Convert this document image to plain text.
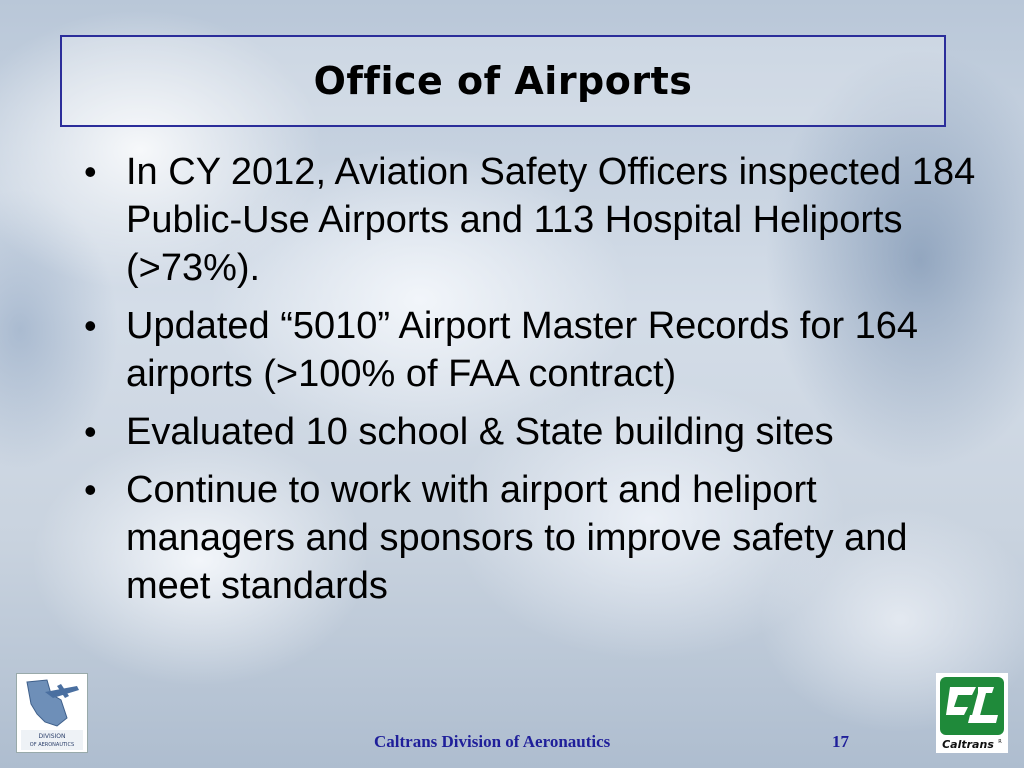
Office of Airports
• In CY 2012, Aviation Safety Officers inspected 184 Public-Use Airports and 113 Hospital Heliports (>73%).
• Updated “5010” Airport Master Records for 164 airports (>100% of FAA contract)
• Evaluated 10 school & State building sites
• Continue to work with airport and heliport managers and sponsors to improve safety and meet standards
DIVISION
OF AERONAUTICS	Caltrans Division of Aeronautics	17	Caltrans R
